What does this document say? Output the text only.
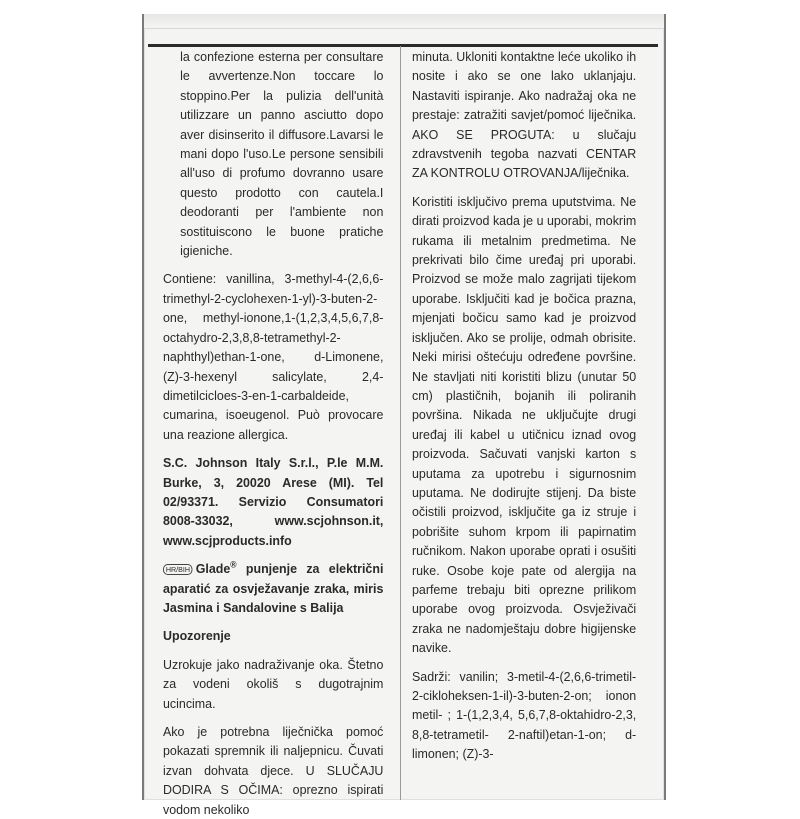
la confezione esterna per consultare le avvertenze.Non toccare lo stoppino.Per la pulizia dell'unità utilizzare un panno asciutto dopo aver disinserito il diffusore.Lavarsi le mani dopo l'uso.Le persone sensibili all'uso di profumo dovranno usare questo prodotto con cautela.I deodoranti per l'ambiente non sostituiscono le buone pratiche igieniche.

Contiene: vanillina, 3-methyl-4-(2,6,6-trimethyl-2-cyclohexen-1-yl)-3-buten-2-one, methyl-ionone,1-(1,2,3,4,5,6,7,8-octahydro-2,3,8,8-tetramethyl-2-naphthyl)ethan-1-one, d-Limonene, (Z)-3-hexenyl salicylate, 2,4-dimetilcicloes-3-en-1-carbaldeide, cumarina, isoeugenol. Può provocare una reazione allergica.

S.C. Johnson Italy S.r.l., P.le M.M. Burke, 3, 20020 Arese (MI). Tel 02/93371. Servizio Consumatori 8008-33032, www.scjohnson.it, www.scjproducts.info

HR/BIH Glade® punjenje za električni aparatić za osvježavanje zraka, miris Jasmina i Sandalovine s Balija

Upozorenje

Uzrokuje jako nadraživanje oka. Štetno za vodeni okoliš s dugotrajnim ucincima.

Ako je potrebna liječnička pomoć pokazati spremnik ili naljepnicu. Čuvati izvan dohvata djece. U SLUČAJU DODIRA S OČIMA: oprezno ispirati vodom nekoliko

minuta. Ukloniti kontaktne leće ukoliko ih nosite i ako se one lako uklanjaju. Nastaviti ispiranje. Ako nadražaj oka ne prestaje: zatražiti savjet/pomoć liječnika. AKO SE PROGUTA: u slučaju zdravstvenih tegoba nazvati CENTAR ZA KONTROLU OTROVANJA/liječnika.

Koristiti isključivo prema uputstvima. Ne dirati proizvod kada je u uporabi, mokrim rukama ili metalnim predmetima. Ne prekrivati bilo čime uređaj pri uporabi. Proizvod se može malo zagrijati tijekom uporabe. Isključiti kad je bočica prazna, mjenjati bočicu samo kad je proizvod isključen. Ako se prolije, odmah obrisite. Neki mirisi oštećuju određene površine. Ne stavljati niti koristiti blizu (unutar 50 cm) plastičnih, bojanih ili poliranih površina. Nikada ne uključujte drugi uređaj ili kabel u utičnicu iznad ovog proizvoda. Sačuvati vanjski karton s uputama za upotrebu i sigurnosnim uputama. Ne dodirujte stijenj. Da biste očistili proizvod, isključite ga iz struje i pobrišite suhom krpom ili papirnatim ručnikom. Nakon uporabe oprati i osušiti ruke. Osobe koje pate od alergija na parfeme trebaju biti oprezne prilikom uporabe ovog proizvoda. Osvježivači zraka ne nadomještaju dobre higijenske navike.

Sadrži: vanilin; 3-metil-4-(2,6,6-trimetil-2-cikloheksen-1-il)-3-buten-2-on; ionon metil- ; 1-(1,2,3,4, 5,6,7,8-oktahidro-2,3, 8,8-tetrametil- 2-naftil)etan-1-on; d-limonen; (Z)-3-
